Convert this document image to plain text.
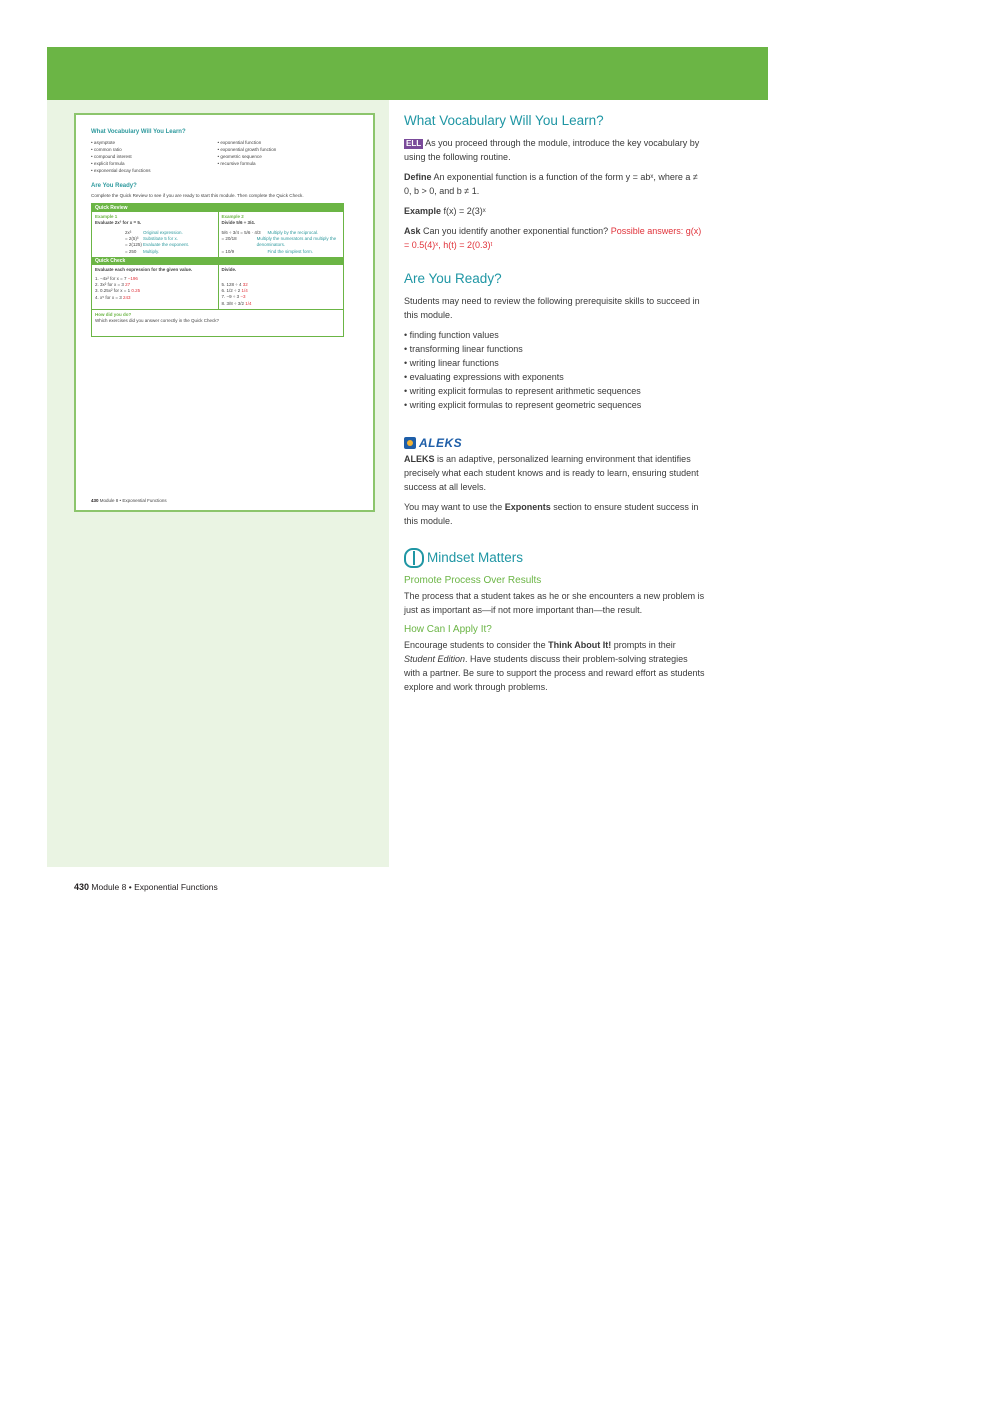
What Vocabulary Will You Learn?
• asymptote
• common ratio
• compound interest
• explicit formula
• exponential decay functions
• exponential function
• exponential growth function
• geometric sequence
• recursive formula
Are You Ready?
Complete the Quick Review to see if you are ready to start this module. Then complete the Quick Check.
Quick Review
Example 1
Evaluate 2x³ for x = 5.
2x³	Original expression.
= 2(5)³	Substitute 5 for x.
= 2(125) Evaluate the exponent.
= 250	Multiply.
Example 2
Divide 5/6 ÷ 3/4.
5/6 ÷ 3/4 = 5/6 · 4/3	Multiply by the reciprocal.
= 20/18	Multiply the numerators and multiply the denominators.
= 10/9	Find the simplest form.
Quick Check
Evaluate each expression for the given value.
1. −4x² for x = 7 −196
2. 3x² for x = 3 27
3. 0.25x² for x = 1 0.25
4. x⁵ for x = 3 243
Divide.
5. 128 ÷ 4 32
6. 1/2 ÷ 2 1/4
7. −9 ÷ 3 −3
8. 3/8 ÷ 3/2 1/4
How did you do?
Which exercises did you answer correctly in the Quick Check?
430 Module 8 • Exponential Functions
What Vocabulary Will You Learn?
ELL As you proceed through the module, introduce the key vocabulary by using the following routine.
Define An exponential function is a function of the form y = abˣ, where a ≠ 0, b > 0, and b ≠ 1.
Example f(x) = 2(3)ˣ
Ask Can you identify another exponential function? Possible answers: g(x) = 0.5(4)ˣ, h(t) = 2(0.3)ᵗ
Are You Ready?
Students may need to review the following prerequisite skills to succeed in this module.
• finding function values
• transforming linear functions
• writing linear functions
• evaluating expressions with exponents
• writing explicit formulas to represent arithmetic sequences
• writing explicit formulas to represent geometric sequences
ALEKS
ALEKS is an adaptive, personalized learning environment that identifies precisely what each student knows and is ready to learn, ensuring student success at all levels.
You may want to use the Exponents section to ensure student success in this module.
Mindset Matters
Promote Process Over Results
The process that a student takes as he or she encounters a new problem is just as important as—if not more important than—the result.
How Can I Apply It?
Encourage students to consider the Think About It! prompts in their Student Edition. Have students discuss their problem-solving strategies with a partner. Be sure to support the process and reward effort as students explore and work through problems.
430 Module 8 • Exponential Functions
